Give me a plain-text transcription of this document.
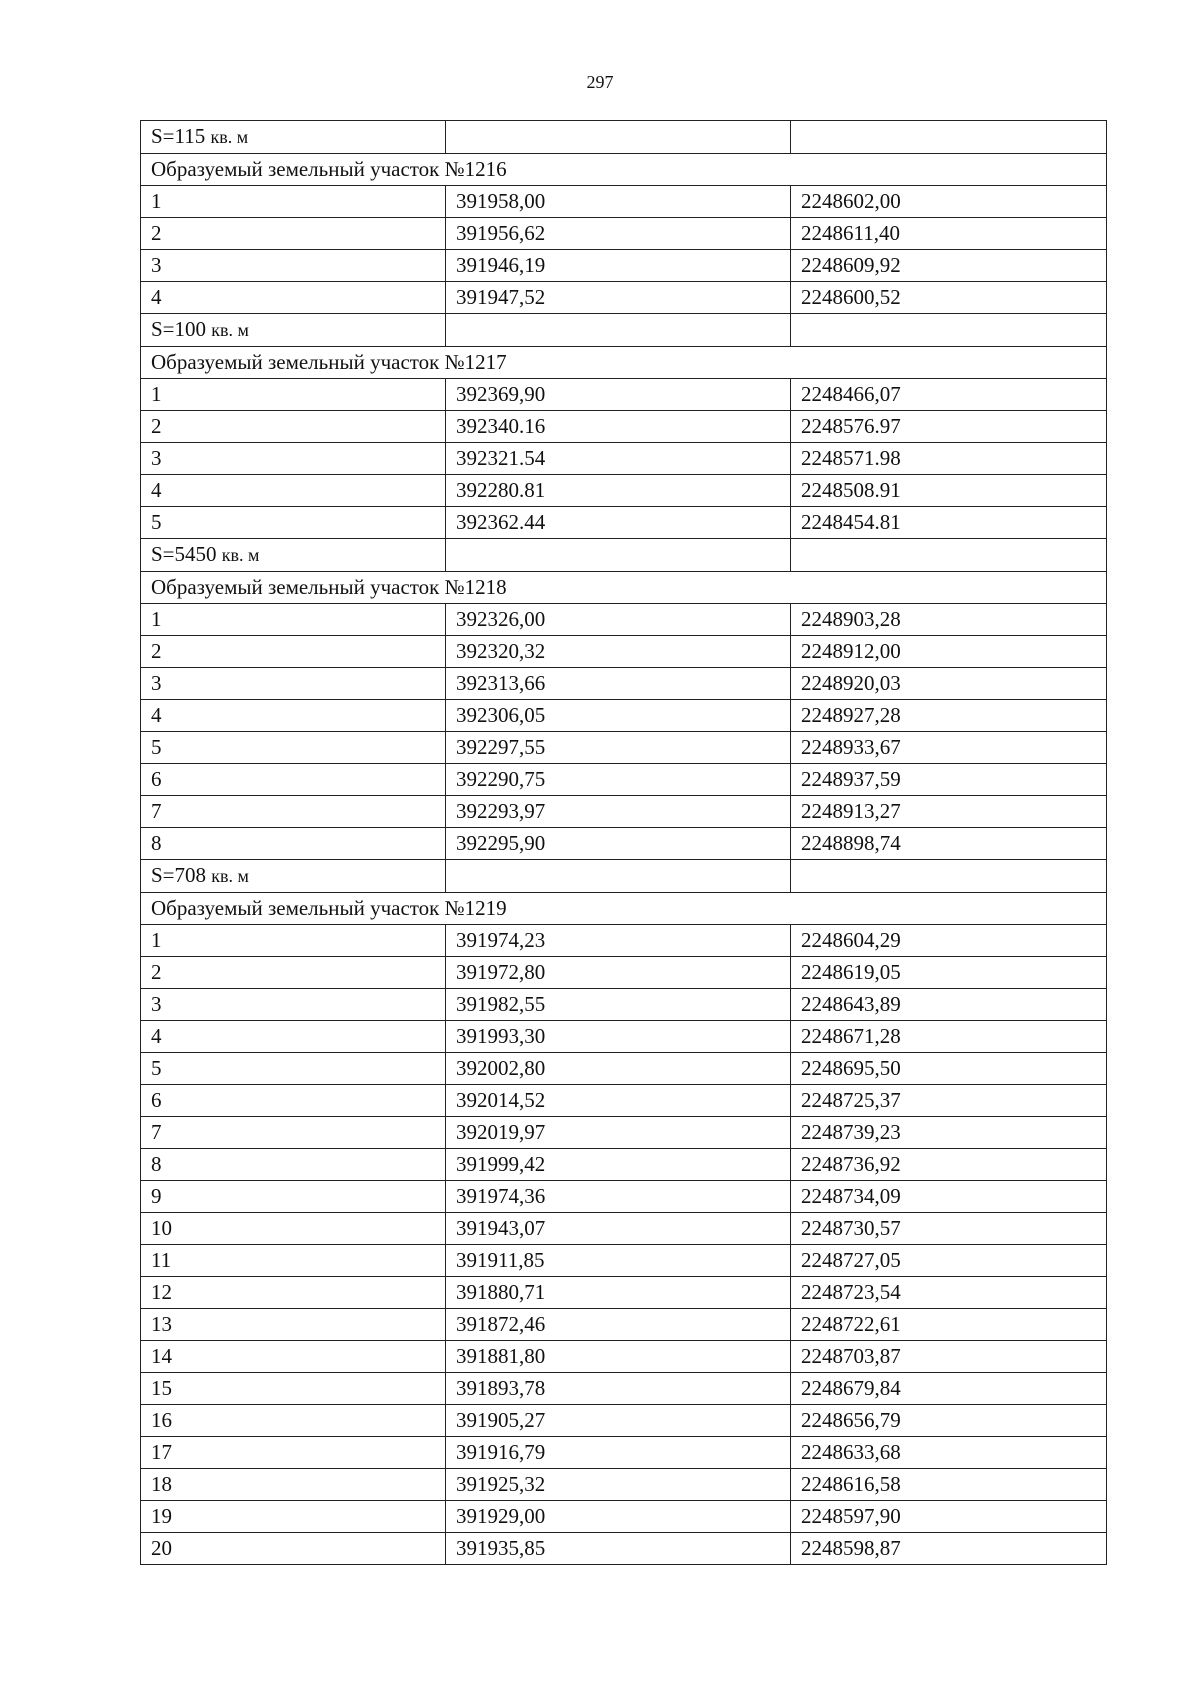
297
S=115 кв. м		
Образуемый земельный участок №1216		
1	391958,00	2248602,00
2	391956,62	2248611,40
3	391946,19	2248609,92
4	391947,52	2248600,52
S=100 кв. м		
Образуемый земельный участок №1217		
1	392369,90	2248466,07
2	392340.16	2248576.97
3	392321.54	2248571.98
4	392280.81	2248508.91
5	392362.44	2248454.81
S=5450 кв. м		
Образуемый земельный участок №1218		
1	392326,00	2248903,28
2	392320,32	2248912,00
3	392313,66	2248920,03
4	392306,05	2248927,28
5	392297,55	2248933,67
6	392290,75	2248937,59
7	392293,97	2248913,27
8	392295,90	2248898,74
S=708 кв. м		
Образуемый земельный участок №1219		
1	391974,23	2248604,29
2	391972,80	2248619,05
3	391982,55	2248643,89
4	391993,30	2248671,28
5	392002,80	2248695,50
6	392014,52	2248725,37
7	392019,97	2248739,23
8	391999,42	2248736,92
9	391974,36	2248734,09
10	391943,07	2248730,57
11	391911,85	2248727,05
12	391880,71	2248723,54
13	391872,46	2248722,61
14	391881,80	2248703,87
15	391893,78	2248679,84
16	391905,27	2248656,79
17	391916,79	2248633,68
18	391925,32	2248616,58
19	391929,00	2248597,90
20	391935,85	2248598,87
